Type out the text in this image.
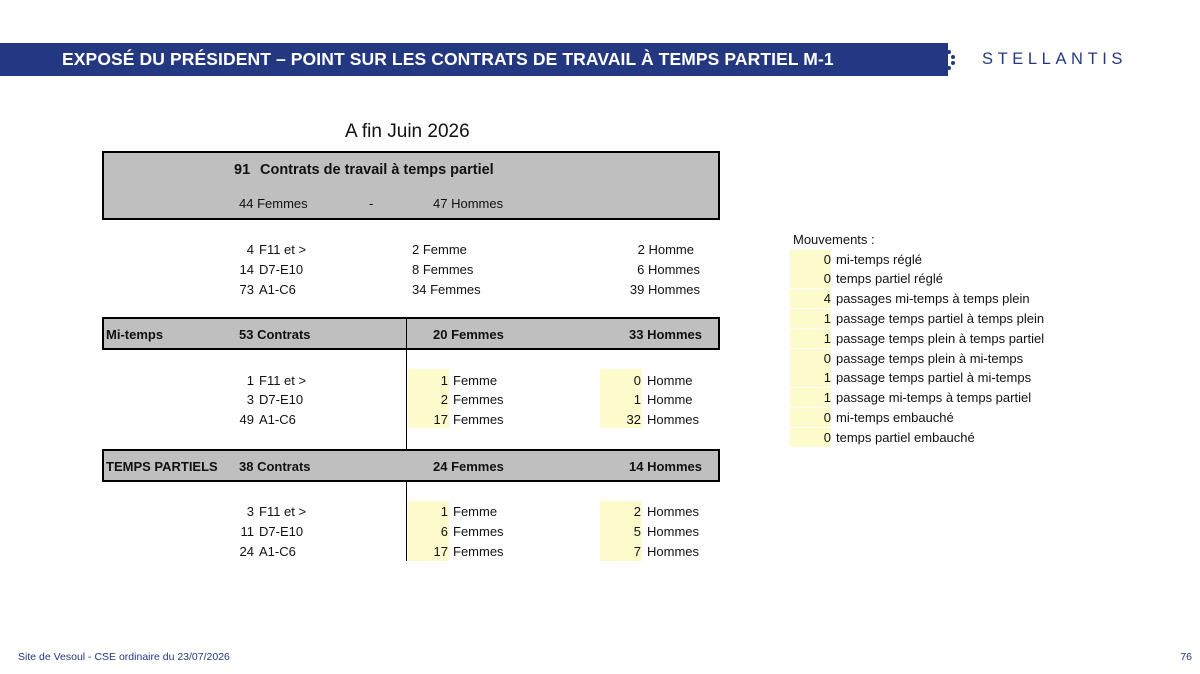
EXPOSÉ DU PRÉSIDENT – POINT SUR LES CONTRATS DE TRAVAIL À TEMPS PARTIEL M-1	STELLANTIS
A fin Juin 2026
91 Contrats de travail à temps partiel
44 Femmes	-	47 Hommes
4 F11 et >	2 Femme	2 Homme
14 D7-E10	8 Femmes	6 Hommes
73 A1-C6	34 Femmes	39 Hommes
Mi-temps	53 Contrats	20 Femmes	33 Hommes
1 F11 et >	1 Femme	0 Homme
3 D7-E10	2 Femmes	1 Homme
49 A1-C6	17 Femmes	32 Hommes
TEMPS PARTIELS 38 Contrats	24 Femmes	14 Hommes
3 F11 et >	1 Femme	2 Hommes
11 D7-E10	6 Femmes	5 Hommes
24 A1-C6	17 Femmes	7 Hommes
Mouvements :
0 mi-temps réglé
0 temps partiel réglé
4 passages mi-temps à temps plein
1 passage temps partiel à temps plein
1 passage temps plein à temps partiel
0 passage temps plein à mi-temps
1 passage temps partiel à mi-temps
1 passage mi-temps à temps partiel
0 mi-temps embauché
0 temps partiel embauché
Site de Vesoul - CSE ordinaire du 23/07/2026	76
